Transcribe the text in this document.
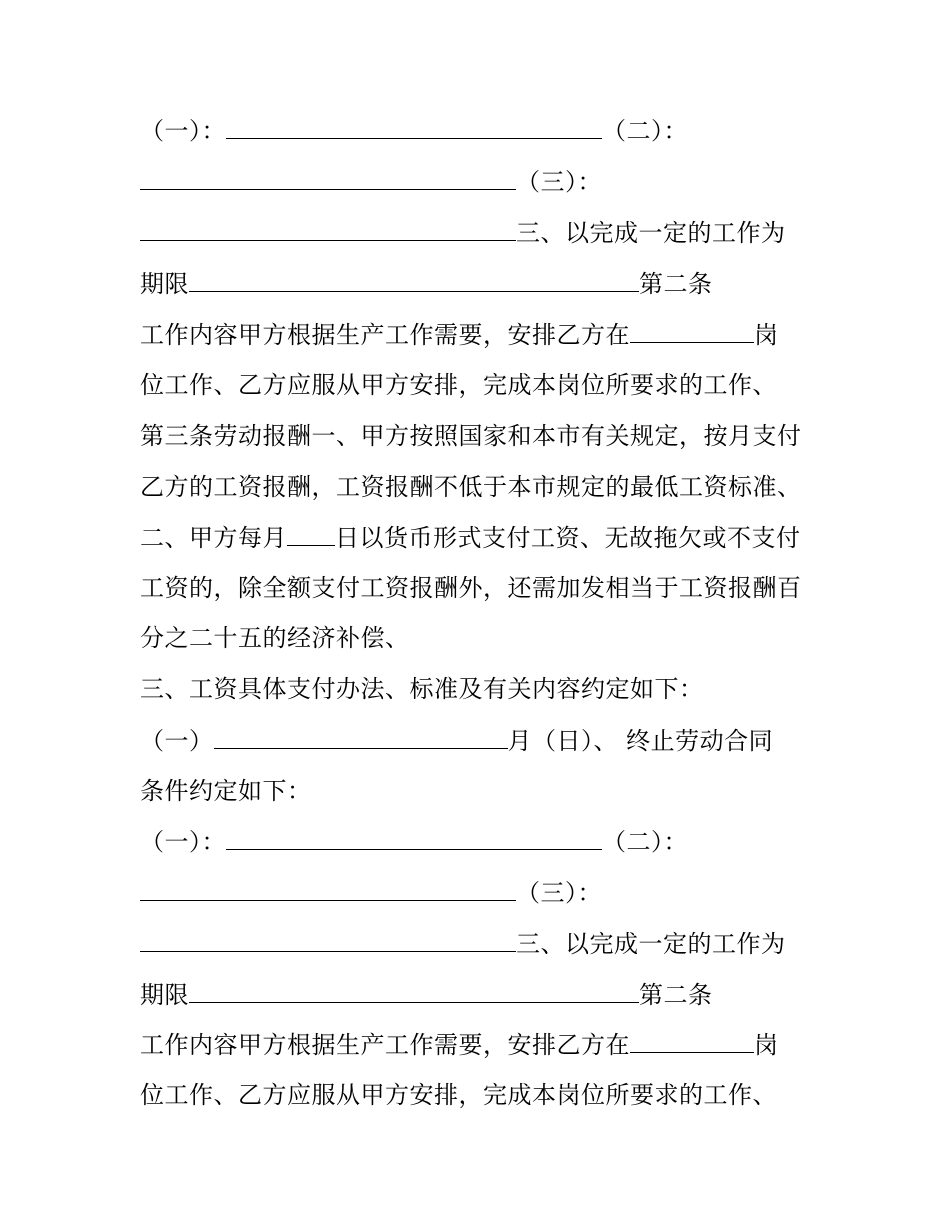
（一）：	（二）：
（三）：
三、以完成一定的工作为
期限	第二条
工作内容甲方根据生产工作需要，安排乙方在	岗
位工作、乙方应服从甲方安排，完成本岗位所要求的工作、
第三条劳动报酬一、甲方按照国家和本市有关规定，按月支付
乙方的工资报酬，工资报酬不低于本市规定的最低工资标准、
二、甲方每月 日以货币形式支付工资、无故拖欠或不支付
工资的，除全额支付工资报酬外，还需加发相当于工资报酬百
分之二十五的经济补偿、
三、工资具体支付办法、标准及有关内容约定如下：
（一）	月（日）、 终止劳动合同
条件约定如下：
（一）：	（二）：
（三）：
三、以完成一定的工作为
期限	第二条
工作内容甲方根据生产工作需要，安排乙方在	岗
位工作、乙方应服从甲方安排，完成本岗位所要求的工作、
